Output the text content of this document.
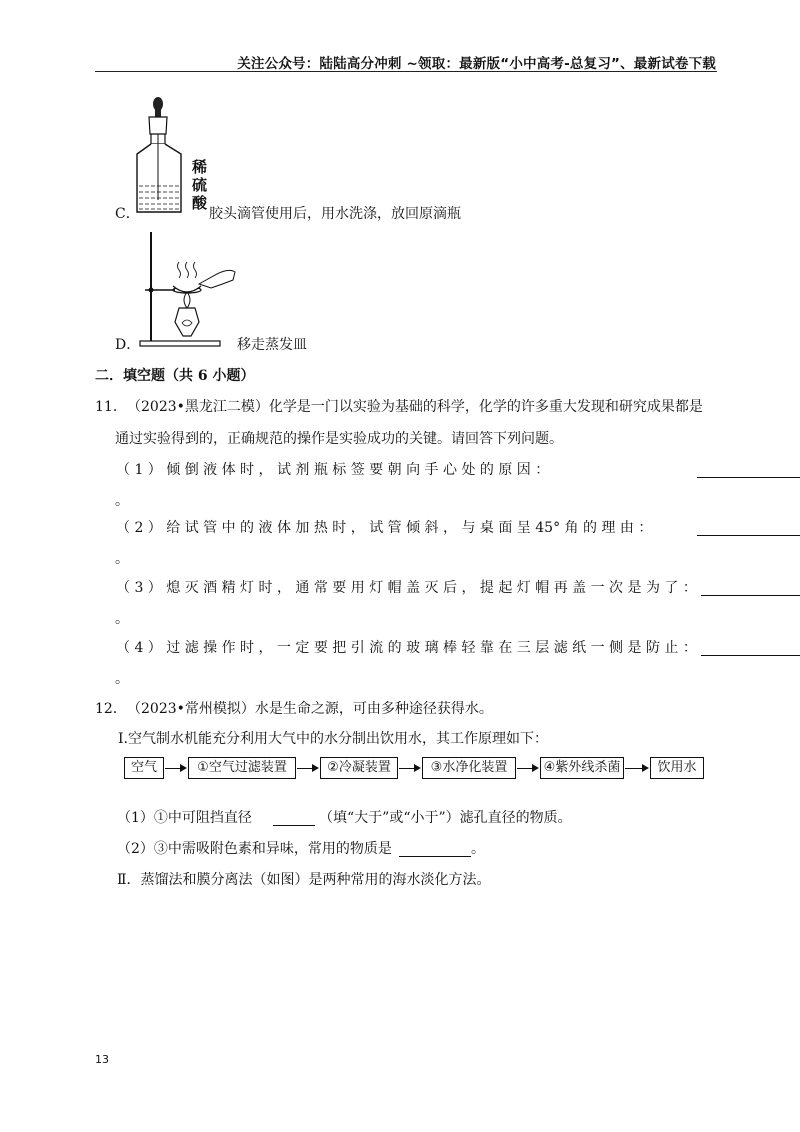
关注公众号：陆陆高分冲刺 ~领取：最新版“小中高考-总复习”、最新试卷下载
稀
硫
酸
C．	胶头滴管使用后，用水洗涤，放回原滴瓶
D．	移走蒸发皿
二．填空题（共 6 小题）
11． （2023•黑龙江二模）化学是一门以实验为基础的科学，化学的许多重大发现和研究成果都是
通过实验得到的，正确规范的操作是实验成功的关键。请回答下列问题。
（ 1 ） 倾 倒 液 体 时 ， 试 剂 瓶 标 签 要 朝 向 手 心 处 的 原 因 ：
。
（ 2 ） 给 试 管 中 的 液 体 加 热 时 ， 试 管 倾 斜 ， 与 桌 面 呈 45° 角 的 理 由 ：
。
（ 3 ） 熄 灭 酒 精 灯 时 ， 通 常 要 用 灯 帽 盖 灭 后 ， 提 起 灯 帽 再 盖 一 次 是 为 了 ：
。
（ 4 ） 过 滤 操 作 时 ， 一 定 要 把 引 流 的 玻 璃 棒 轻 靠 在 三 层 滤 纸 一 侧 是 防 止 ：
。
12． （2023•常州模拟）水是生命之源，可由多种途径获得水。
Ⅰ.空气制水机能充分利用大气中的水分制出饮用水，其工作原理如下：
空气	①空气过滤装置	②冷凝装置	③水净化装置	④紫外线杀菌	饮用水
（1）①中可阻挡直径	（填“大于”或“小于”）滤孔直径的物质。
（2）③中需吸附色素和异味，常用的物质是	。
Ⅱ．蒸馏法和膜分离法（如图）是两种常用的海水淡化方法。
13
